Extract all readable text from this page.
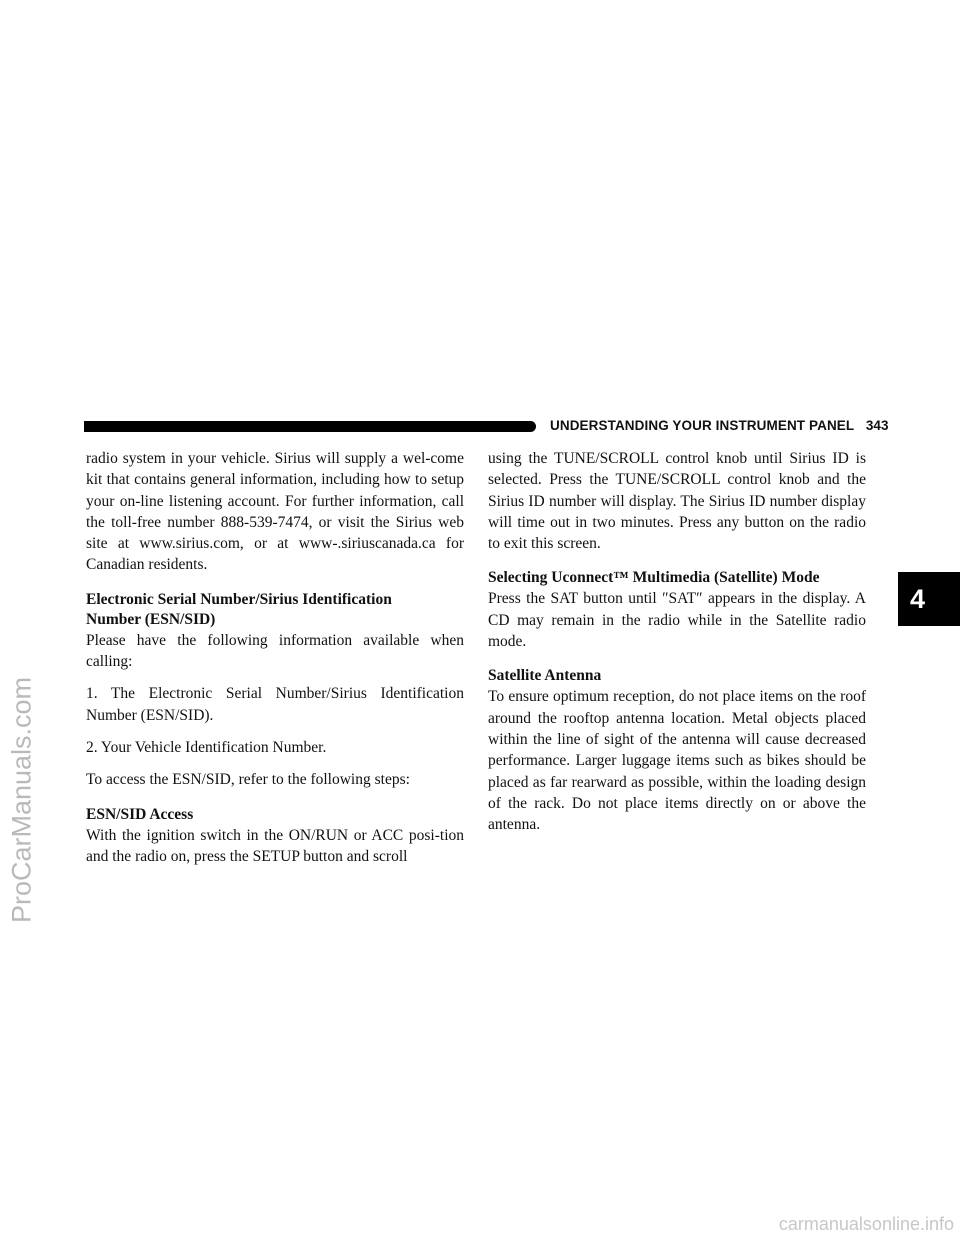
UNDERSTANDING YOUR INSTRUMENT PANEL 343

radio system in your vehicle. Sirius will supply a wel-come kit that contains general information, including how to setup your on-line listening account. For further information, call the toll-free number 888-539-7474, or visit the Sirius web site at www.sirius.com, or at www-.siriuscanada.ca for Canadian residents.

Electronic Serial Number/Sirius Identification
Number (ESN/SID)

Please have the following information available when calling:

1. The Electronic Serial Number/Sirius Identification Number (ESN/SID).

2. Your Vehicle Identification Number.

To access the ESN/SID, refer to the following steps:

ESN/SID Access

With the ignition switch in the ON/RUN or ACC posi-tion and the radio on, press the SETUP button and scroll

using the TUNE/SCROLL control knob until Sirius ID is selected. Press the TUNE/SCROLL control knob and the Sirius ID number will display. The Sirius ID number display will time out in two minutes. Press any button on the radio to exit this screen.

Selecting Uconnect™ Multimedia (Satellite) Mode

Press the SAT button until ″SAT″ appears in the display. A CD may remain in the radio while in the Satellite radio mode.

Satellite Antenna

To ensure optimum reception, do not place items on the roof around the rooftop antenna location. Metal objects placed within the line of sight of the antenna will cause decreased performance. Larger luggage items such as bikes should be placed as far rearward as possible, within the loading design of the rack. Do not place items directly on or above the antenna.

4
ProCarManuals.com
carmanualsonline.info
